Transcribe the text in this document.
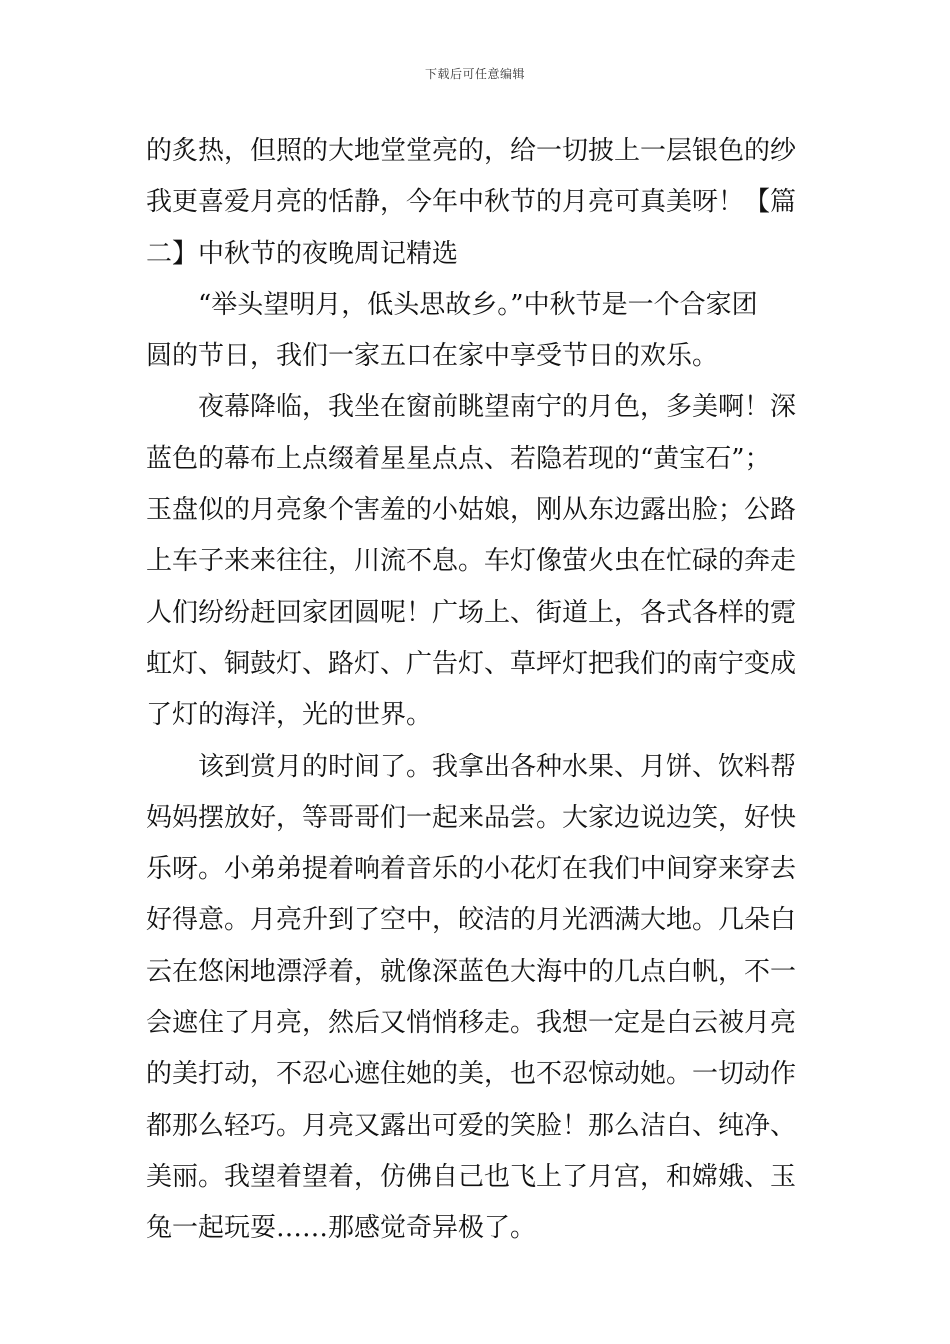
下载后可任意编辑
的炙热，但照的大地堂堂亮的，给一切披上一层银色的纱
我更喜爱月亮的恬静，今年中秋节的月亮可真美呀！【篇
二】中秋节的夜晚周记精选
“举头望明月，低头思故乡。”中秋节是一个合家团
圆的节日，我们一家五口在家中享受节日的欢乐。
夜幕降临，我坐在窗前眺望南宁的月色，多美啊！深
蓝色的幕布上点缀着星星点点、若隐若现的“黄宝石”；
玉盘似的月亮象个害羞的小姑娘，刚从东边露出脸；公路
上车子来来往往，川流不息。车灯像萤火虫在忙碌的奔走
人们纷纷赶回家团圆呢！广场上、街道上，各式各样的霓
虹灯、铜鼓灯、路灯、广告灯、草坪灯把我们的南宁变成
了灯的海洋，光的世界。
该到赏月的时间了。我拿出各种水果、月饼、饮料帮
妈妈摆放好，等哥哥们一起来品尝。大家边说边笑，好快
乐呀。小弟弟提着响着音乐的小花灯在我们中间穿来穿去
好得意。月亮升到了空中，皎洁的月光洒满大地。几朵白
云在悠闲地漂浮着，就像深蓝色大海中的几点白帆，不一
会遮住了月亮，然后又悄悄移走。我想一定是白云被月亮
的美打动，不忍心遮住她的美，也不忍惊动她。一切动作
都那么轻巧。月亮又露出可爱的笑脸！那么洁白、纯净、
美丽。我望着望着，仿佛自己也飞上了月宫，和嫦娥、玉
兔一起玩耍……那感觉奇异极了。
